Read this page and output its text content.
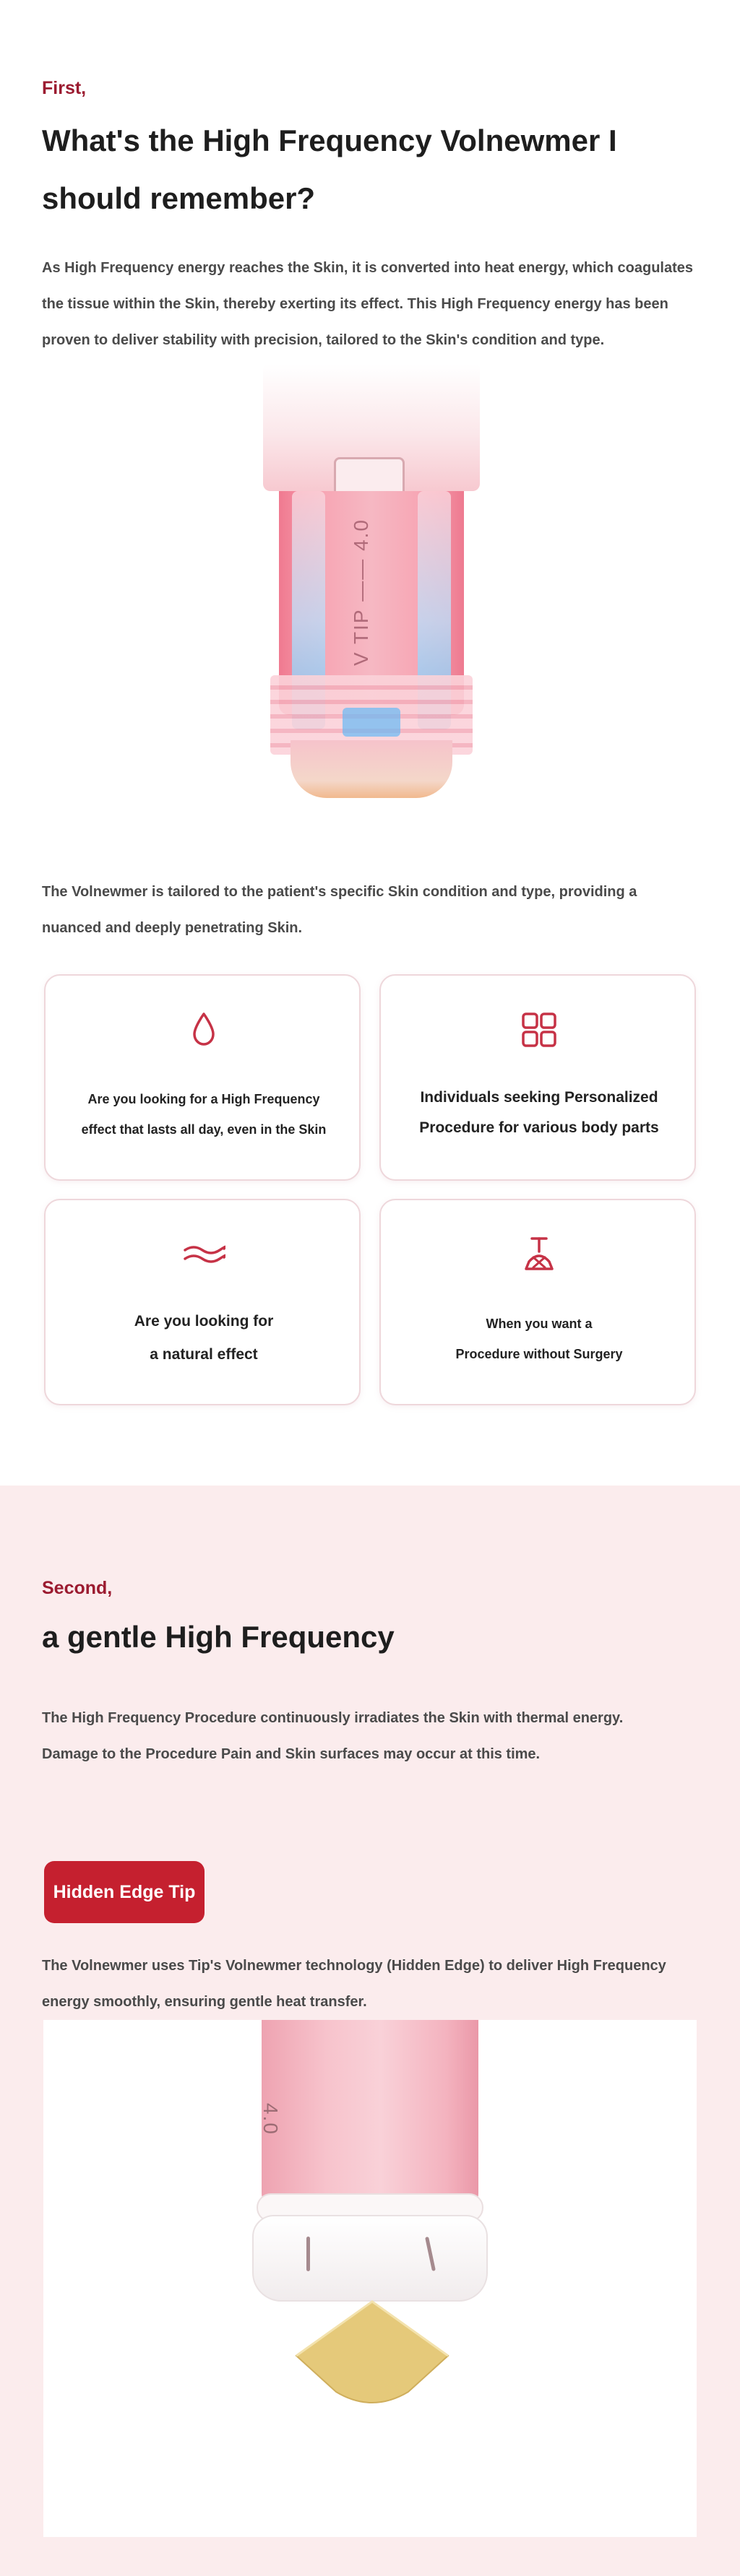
First,
What's the High Frequency Volnewmer I
should remember?
As High Frequency energy reaches the Skin, it is converted into heat energy, which coagulates
the tissue within the Skin, thereby exerting its effect. This High Frequency energy has been
proven to deliver stability with precision, tailored to the Skin's condition and type.
V TIP —— 4.0
The Volnewmer is tailored to the patient's specific Skin condition and type, providing a
nuanced and deeply penetrating Skin.
Are you looking for a High Frequency
effect that lasts all day, even in the Skin
Individuals seeking Personalized
Procedure for various body parts
Are you looking for
a natural effect
When you want a
Procedure without Surgery
Second,
a gentle High Frequency
The High Frequency Procedure continuously irradiates the Skin with thermal energy.
Damage to the Procedure Pain and Skin surfaces may occur at this time.
Hidden Edge Tip
The Volnewmer uses Tip's Volnewmer technology (Hidden Edge) to deliver High Frequency
energy smoothly, ensuring gentle heat transfer.
4.0
